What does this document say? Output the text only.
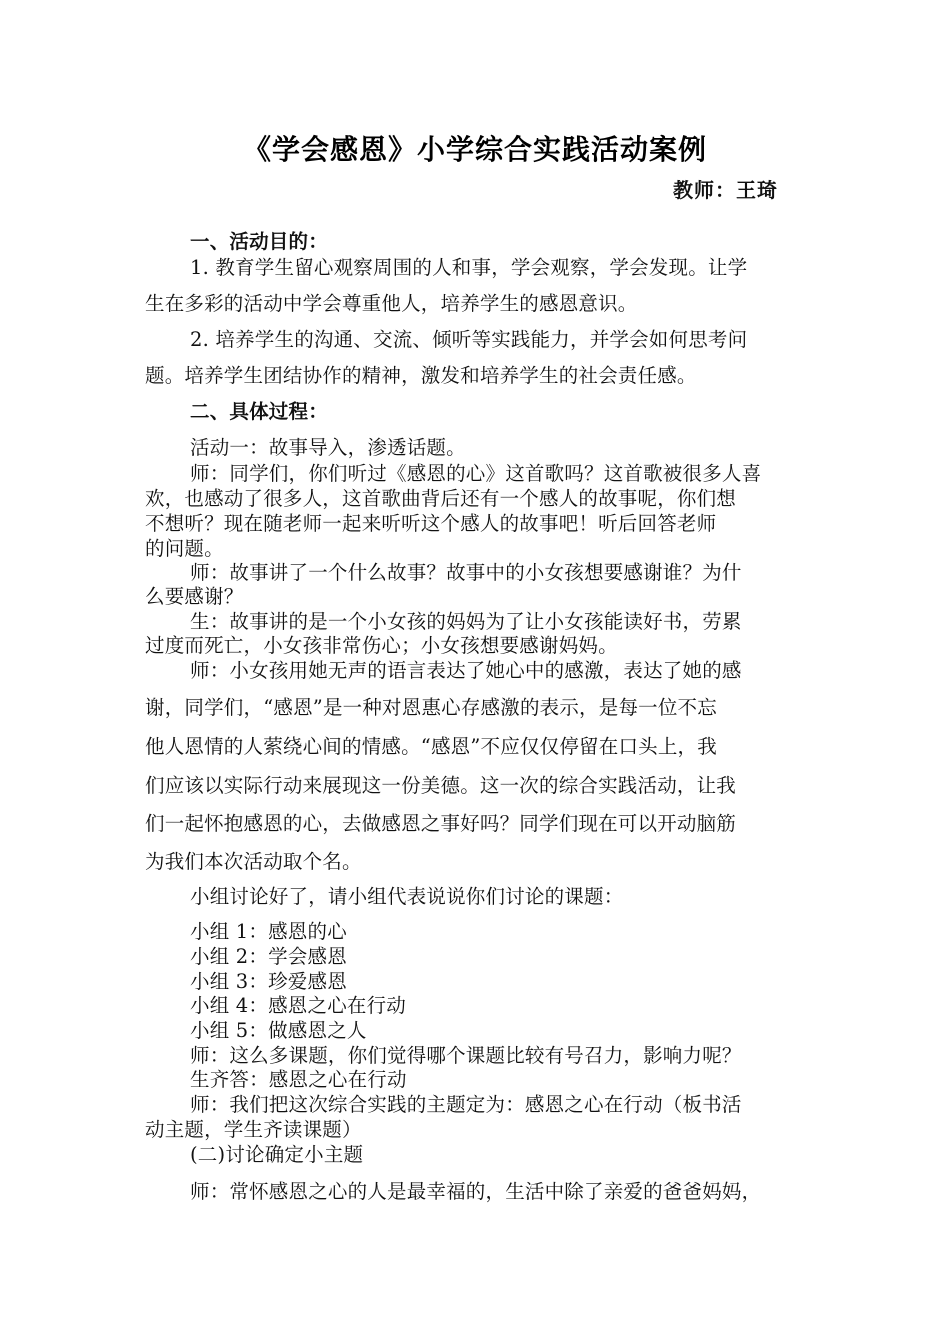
《学会感恩》小学综合实践活动案例
教师：王琦
一、活动目的：
1. 教育学生留心观察周围的人和事，学会观察，学会发现。让学
生在多彩的活动中学会尊重他人，培养学生的感恩意识。
2. 培养学生的沟通、交流、倾听等实践能力，并学会如何思考问
题。培养学生团结协作的精神，激发和培养学生的社会责任感。
二、具体过程：
活动一：故事导入，渗透话题。
师：同学们，你们听过《感恩的心》这首歌吗？这首歌被很多人喜
欢，也感动了很多人，这首歌曲背后还有一个感人的故事呢，你们想
不想听？现在随老师一起来听听这个感人的故事吧！听后回答老师
的问题。
师：故事讲了一个什么故事？故事中的小女孩想要感谢谁？为什
么要感谢？
生：故事讲的是一个小女孩的妈妈为了让小女孩能读好书，劳累
过度而死亡，小女孩非常伤心；小女孩想要感谢妈妈。
师：小女孩用她无声的语言表达了她心中的感激，表达了她的感
谢，同学们，“感恩”是一种对恩惠心存感激的表示，是每一位不忘
他人恩情的人萦绕心间的情感。“感恩”不应仅仅停留在口头上，我
们应该以实际行动来展现这一份美德。这一次的综合实践活动，让我
们一起怀抱感恩的心，去做感恩之事好吗？同学们现在可以开动脑筋
为我们本次活动取个名。
小组讨论好了，请小组代表说说你们讨论的课题：
小组 1：感恩的心
小组 2：学会感恩
小组 3：珍爱感恩
小组 4：感恩之心在行动
小组 5：做感恩之人
师：这么多课题，你们觉得哪个课题比较有号召力，影响力呢？
生齐答：感恩之心在行动
师：我们把这次综合实践的主题定为：感恩之心在行动（板书活
动主题，学生齐读课题）
(二)讨论确定小主题
师：常怀感恩之心的人是最幸福的，生活中除了亲爱的爸爸妈妈，
